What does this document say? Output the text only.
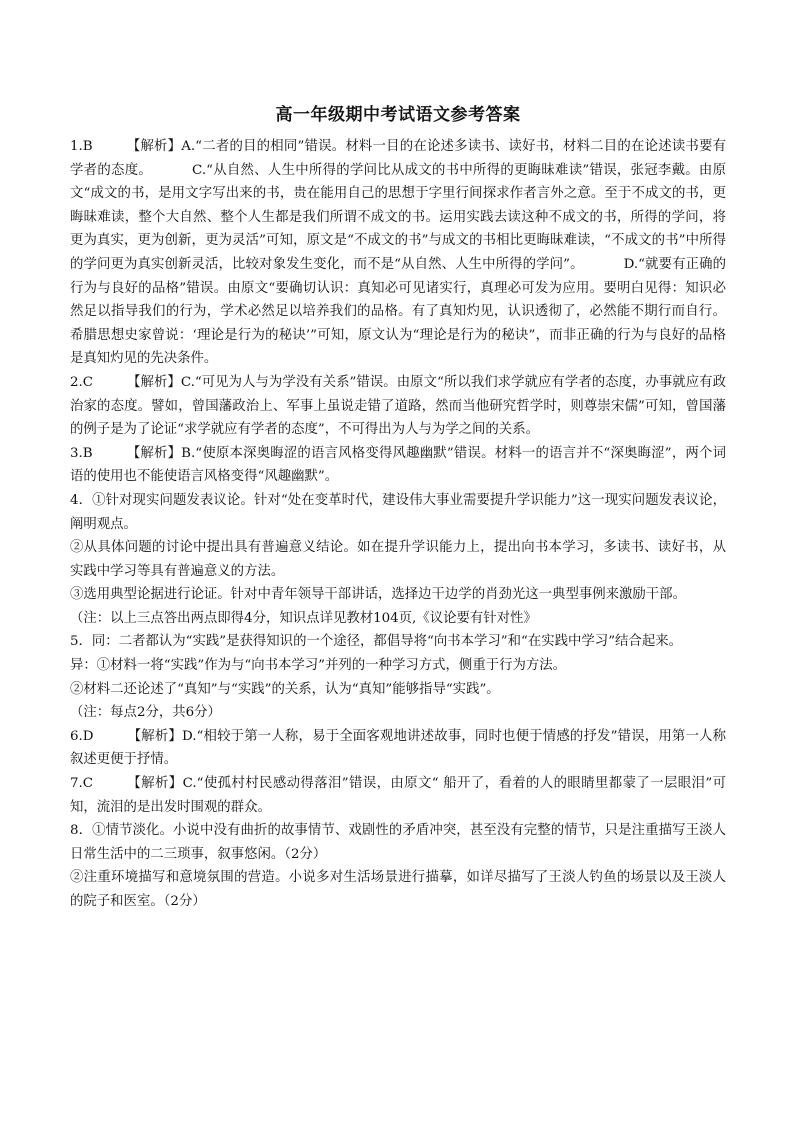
高一年级期中考试语文参考答案

1.B	【解析】A.“二者的目的相同”错误。材料一目的在论述多读书、读好书，材料二目的在论述读书要有学者的态度。	C.“从自然、人生中所得的学问比从成文的书中所得的更晦昧难读”错误，张冠李戴。由原文“成文的书，是用文字写出来的书，贵在能用自己的思想于字里行间探求作者言外之意。至于不成文的书，更晦昧难读，整个大自然、整个人生都是我们所谓不成文的书。运用实践去读这种不成文的书，所得的学问，将更为真实，更为创新，更为灵活”可知，原文是“不成文的书”与成文的书相比更晦昧难读，“不成文的书”中所得的学问更为真实创新灵活，比较对象发生变化，而不是“从自然、人生中所得的学问”。	D.“就要有正确的行为与良好的品格”错误。由原文“要确切认识：真知必可见诸实行，真理必可发为应用。要明白见得：知识必然足以指导我们的行为，学术必然足以培养我们的品格。有了真知灼见，认识透彻了，必然能不期行而自行。希腊思想史家曾说：‘理论是行为的秘诀’”可知，原文认为“理论是行为的秘诀”，而非正确的行为与良好的品格是真知灼见的先决条件。

2.C	【解析】C.“可见为人与为学没有关系”错误。由原文“所以我们求学就应有学者的态度，办事就应有政治家的态度。譬如，曾国藩政治上、军事上虽说走错了道路，然而当他研究哲学时，则尊崇宋儒”可知，曾国藩的例子是为了论证“求学就应有学者的态度”，不可得出为人与为学之间的关系。

3.B	【解析】B.“使原本深奥晦涩的语言风格变得风趣幽默”错误。材料一的语言并不“深奥晦涩”，两个词语的使用也不能使语言风格变得“风趣幽默”。

4．①针对现实问题发表议论。针对“处在变革时代，建设伟大事业需要提升学识能力”这一现实问题发表议论，阐明观点。

②从具体问题的讨论中提出具有普遍意义结论。如在提升学识能力上，提出向书本学习，多读书、读好书，从实践中学习等具有普遍意义的方法。

③选用典型论据进行论证。针对中青年领导干部讲话，选择边干边学的肖劲光这一典型事例来激励干部。

（注：以上三点答出两点即得4分，知识点详见教材104页,《议论要有针对性》

5．同：二者都认为“实践”是获得知识的一个途径，都倡导将“向书本学习”和“在实践中学习”结合起来。

异：①材料一将“实践”作为与“向书本学习”并列的一种学习方式，侧重于行为方法。

②材料二还论述了“真知”与“实践”的关系，认为“真知”能够指导“实践”。

（注：每点2分，共6分）

6.D	【解析】D.“相较于第一人称，易于全面客观地讲述故事，同时也便于情感的抒发”错误，用第一人称叙述更便于抒情。

7.C	【解析】C.“使孤村村民感动得落泪”错误，由原文“ 船开了，看着的人的眼睛里都蒙了一层眼泪”可知，流泪的是出发时围观的群众。

8．①情节淡化。小说中没有曲折的故事情节、戏剧性的矛盾冲突，甚至没有完整的情节，只是注重描写王淡人日常生活中的二三琐事，叙事悠闲。（2分）

②注重环境描写和意境氛围的营造。小说多对生活场景进行描摹，如详尽描写了王淡人钓鱼的场景以及王淡人的院子和医室。（2分）
